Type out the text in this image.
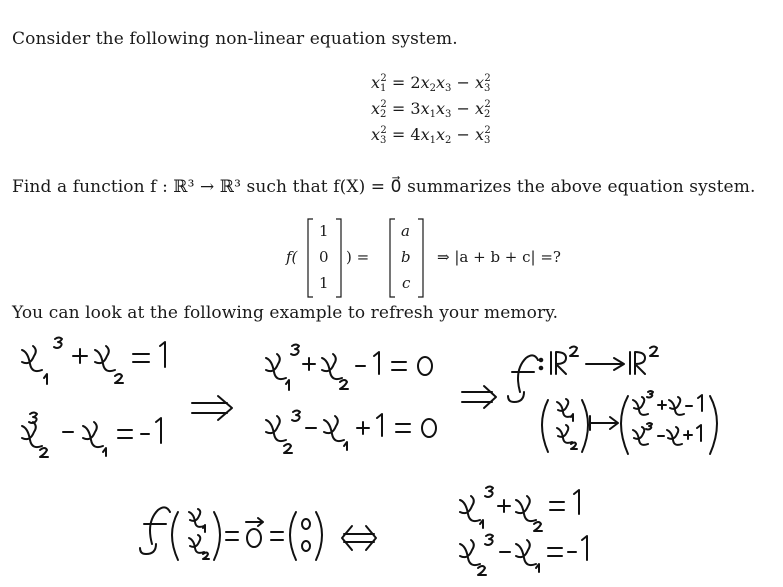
Consider the following non-linear equation system.
$x1^2 = 2x2x3 - x3^2$
$x2^2 = 3x1x3 - x2^2$
$x3^2 = 4x1x2 - x3^2$
Find a function f : ℝ³ → ℝ³ such that f(X) = 0⃗ summarizes the above equation system.
f(
1
0
1
) =
a
b
c
⇒ |a + b + c| =?
You can look at the following example to refresh your memory.
